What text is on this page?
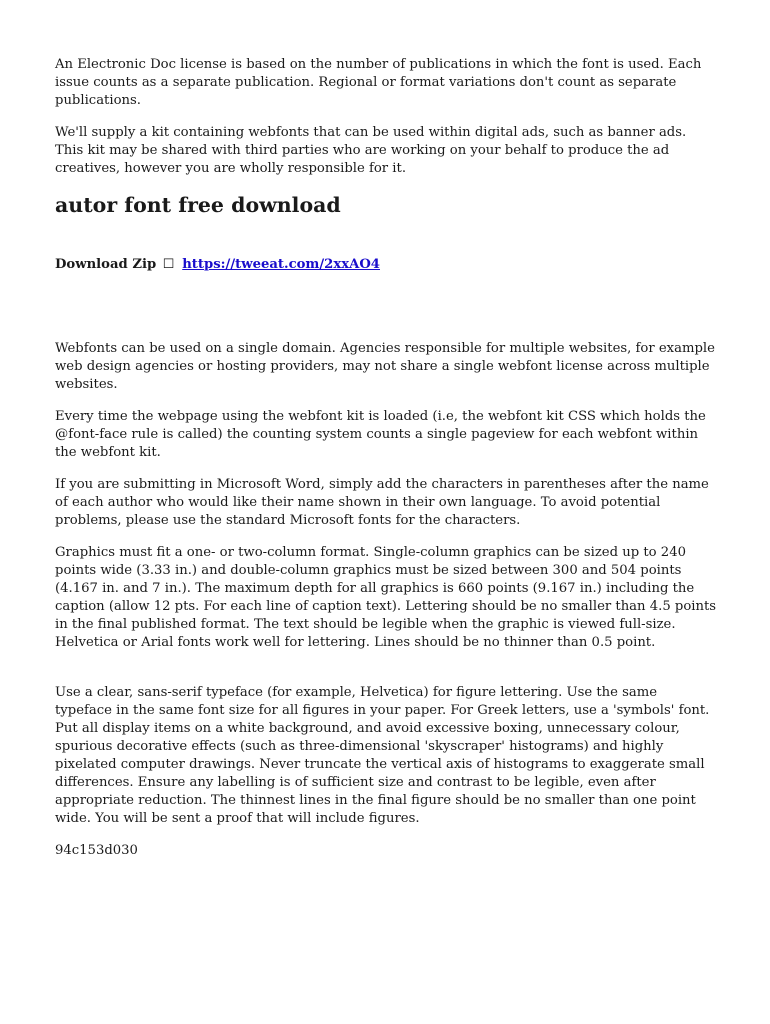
An Electronic Doc license is based on the number of publications in which the font is used. Each issue counts as a separate publication. Regional or format variations don't count as separate publications.

We'll supply a kit containing webfonts that can be used within digital ads, such as banner ads. This kit may be shared with third parties who are working on your behalf to produce the ad creatives, however you are wholly responsible for it.

autor font free download

Download Zip ☐ https://tweeat.com/2xxAO4

Webfonts can be used on a single domain. Agencies responsible for multiple websites, for example web design agencies or hosting providers, may not share a single webfont license across multiple websites.

Every time the webpage using the webfont kit is loaded (i.e, the webfont kit CSS which holds the @font-face rule is called) the counting system counts a single pageview for each webfont within the webfont kit.

If you are submitting in Microsoft Word, simply add the characters in parentheses after the name of each author who would like their name shown in their own language. To avoid potential problems, please use the standard Microsoft fonts for the characters.

Graphics must fit a one- or two-column format. Single-column graphics can be sized up to 240 points wide (3.33 in.) and double-column graphics must be sized between 300 and 504 points (4.167 in. and 7 in.). The maximum depth for all graphics is 660 points (9.167 in.) including the caption (allow 12 pts. For each line of caption text). Lettering should be no smaller than 4.5 points in the final published format. The text should be legible when the graphic is viewed full-size. Helvetica or Arial fonts work well for lettering. Lines should be no thinner than 0.5 point.

Use a clear, sans-serif typeface (for example, Helvetica) for figure lettering. Use the same typeface in the same font size for all figures in your paper. For Greek letters, use a 'symbols' font. Put all display items on a white background, and avoid excessive boxing, unnecessary colour, spurious decorative effects (such as three-dimensional 'skyscraper' histograms) and highly pixelated computer drawings. Never truncate the vertical axis of histograms to exaggerate small differences. Ensure any labelling is of sufficient size and contrast to be legible, even after appropriate reduction. The thinnest lines in the final figure should be no smaller than one point wide. You will be sent a proof that will include figures.

94c153d030
